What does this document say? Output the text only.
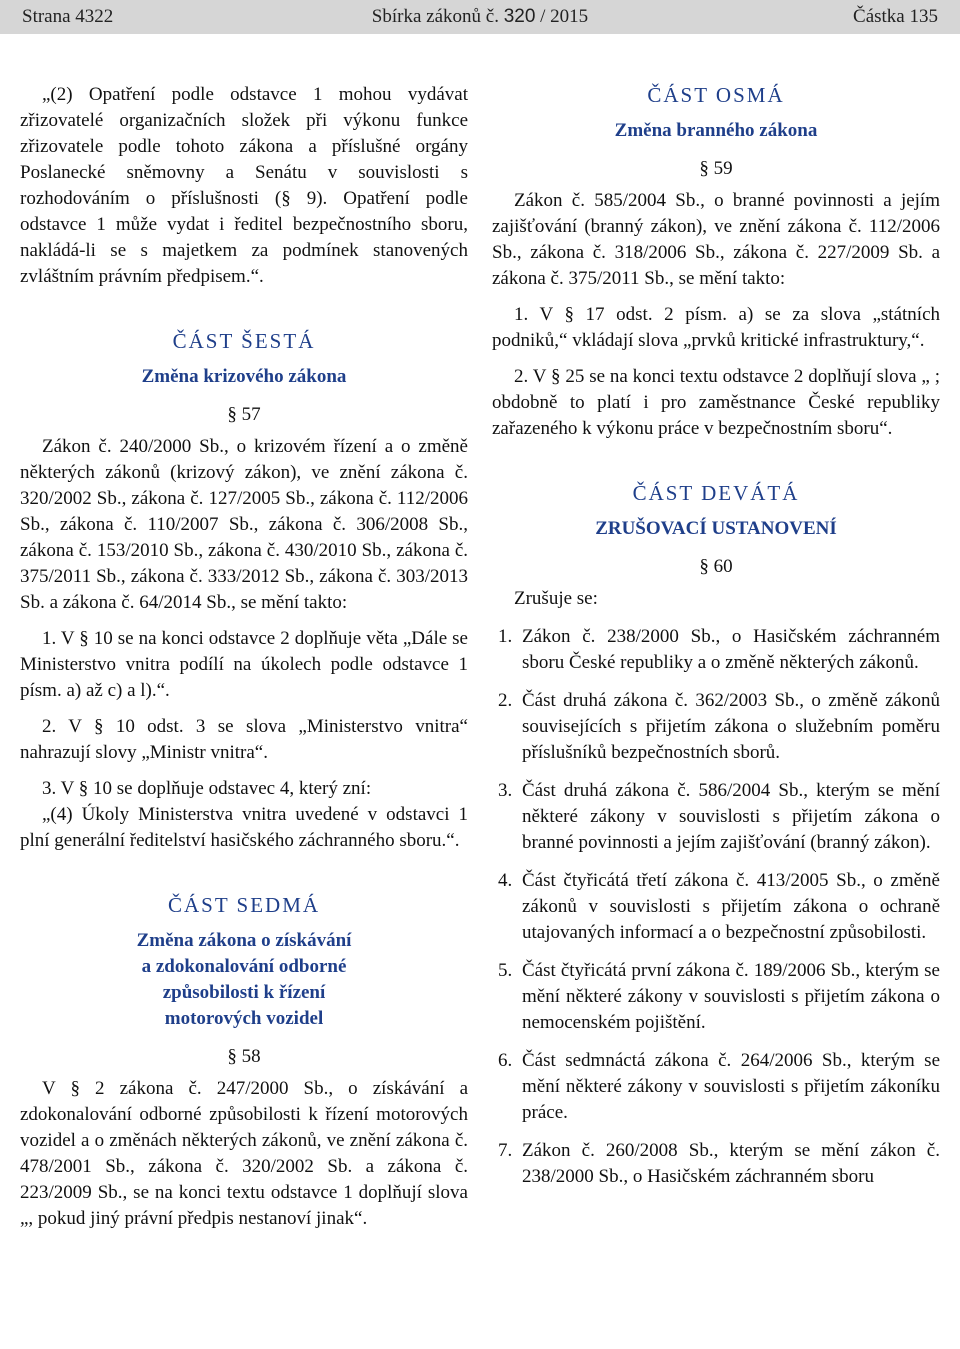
Strana 4322	Sbírka zákonů č. 320 / 2015	Částka 135

„(2) Opatření podle odstavce 1 mohou vydávat zřizovatelé organizačních složek při výkonu funkce zřizovatele podle tohoto zákona a příslušné orgány Poslanecké sněmovny a Senátu v souvislosti s rozhodováním o příslušnosti (§ 9). Opatření podle odstavce 1 může vydat i ředitel bezpečnostního sboru, nakládá-li se s majetkem za podmínek stanovených zvláštním právním předpisem.“.

ČÁST ŠESTÁ
Změna krizového zákona
§ 57

Zákon č. 240/2000 Sb., o krizovém řízení a o změně některých zákonů (krizový zákon), ve znění zákona č. 320/2002 Sb., zákona č. 127/2005 Sb., zákona č. 112/2006 Sb., zákona č. 110/2007 Sb., zákona č. 306/2008 Sb., zákona č. 153/2010 Sb., zákona č. 430/2010 Sb., zákona č. 375/2011 Sb., zákona č. 333/2012 Sb., zákona č. 303/2013 Sb. a zákona č. 64/2014 Sb., se mění takto:

1. V § 10 se na konci odstavce 2 doplňuje věta „Dále se Ministerstvo vnitra podílí na úkolech podle odstavce 1 písm. a) až c) a l).“.

2. V § 10 odst. 3 se slova „Ministerstvo vnitra“ nahrazují slovy „Ministr vnitra“.

3. V § 10 se doplňuje odstavec 4, který zní:

„(4) Úkoly Ministerstva vnitra uvedené v odstavci 1 plní generální ředitelství hasičského záchranného sboru.“.

ČÁST SEDMÁ
Změna zákona o získávání
a zdokonalování odborné
způsobilosti k řízení
motorových vozidel
§ 58

V § 2 zákona č. 247/2000 Sb., o získávání a zdokonalování odborné způsobilosti k řízení motorových vozidel a o změnách některých zákonů, ve znění zákona č. 478/2001 Sb., zákona č. 320/2002 Sb. a zákona č. 223/2009 Sb., se na konci textu odstavce 1 doplňují slova „, pokud jiný právní předpis nestanoví jinak“.

ČÁST OSMÁ
Změna branného zákona
§ 59

Zákon č. 585/2004 Sb., o branné povinnosti a jejím zajišťování (branný zákon), ve znění zákona č. 112/2006 Sb., zákona č. 318/2006 Sb., zákona č. 227/2009 Sb. a zákona č. 375/2011 Sb., se mění takto:

1. V § 17 odst. 2 písm. a) se za slova „státních podniků,“ vkládají slova „prvků kritické infrastruktury,“.

2. V § 25 se na konci textu odstavce 2 doplňují slova „ ; obdobně to platí i pro zaměstnance České republiky zařazeného k výkonu práce v bezpečnostním sboru“.

ČÁST DEVÁTÁ
ZRUŠOVACÍ USTANOVENÍ
§ 60

Zrušuje se:

1. Zákon č. 238/2000 Sb., o Hasičském záchranném sboru České republiky a o změně některých zákonů.
2. Část druhá zákona č. 362/2003 Sb., o změně zákonů souvisejících s přijetím zákona o služebním poměru příslušníků bezpečnostních sborů.
3. Část druhá zákona č. 586/2004 Sb., kterým se mění některé zákony v souvislosti s přijetím zákona o branné povinnosti a jejím zajišťování (branný zákon).
4. Část čtyřicátá třetí zákona č. 413/2005 Sb., o změně zákonů v souvislosti s přijetím zákona o ochraně utajovaných informací a o bezpečnostní způsobilosti.
5. Část čtyřicátá první zákona č. 189/2006 Sb., kterým se mění některé zákony v souvislosti s přijetím zákona o nemocenském pojištění.
6. Část sedmnáctá zákona č. 264/2006 Sb., kterým se mění některé zákony v souvislosti s přijetím zákoníku práce.
7. Zákon č. 260/2008 Sb., kterým se mění zákon č. 238/2000 Sb., o Hasičském záchranném sboru
